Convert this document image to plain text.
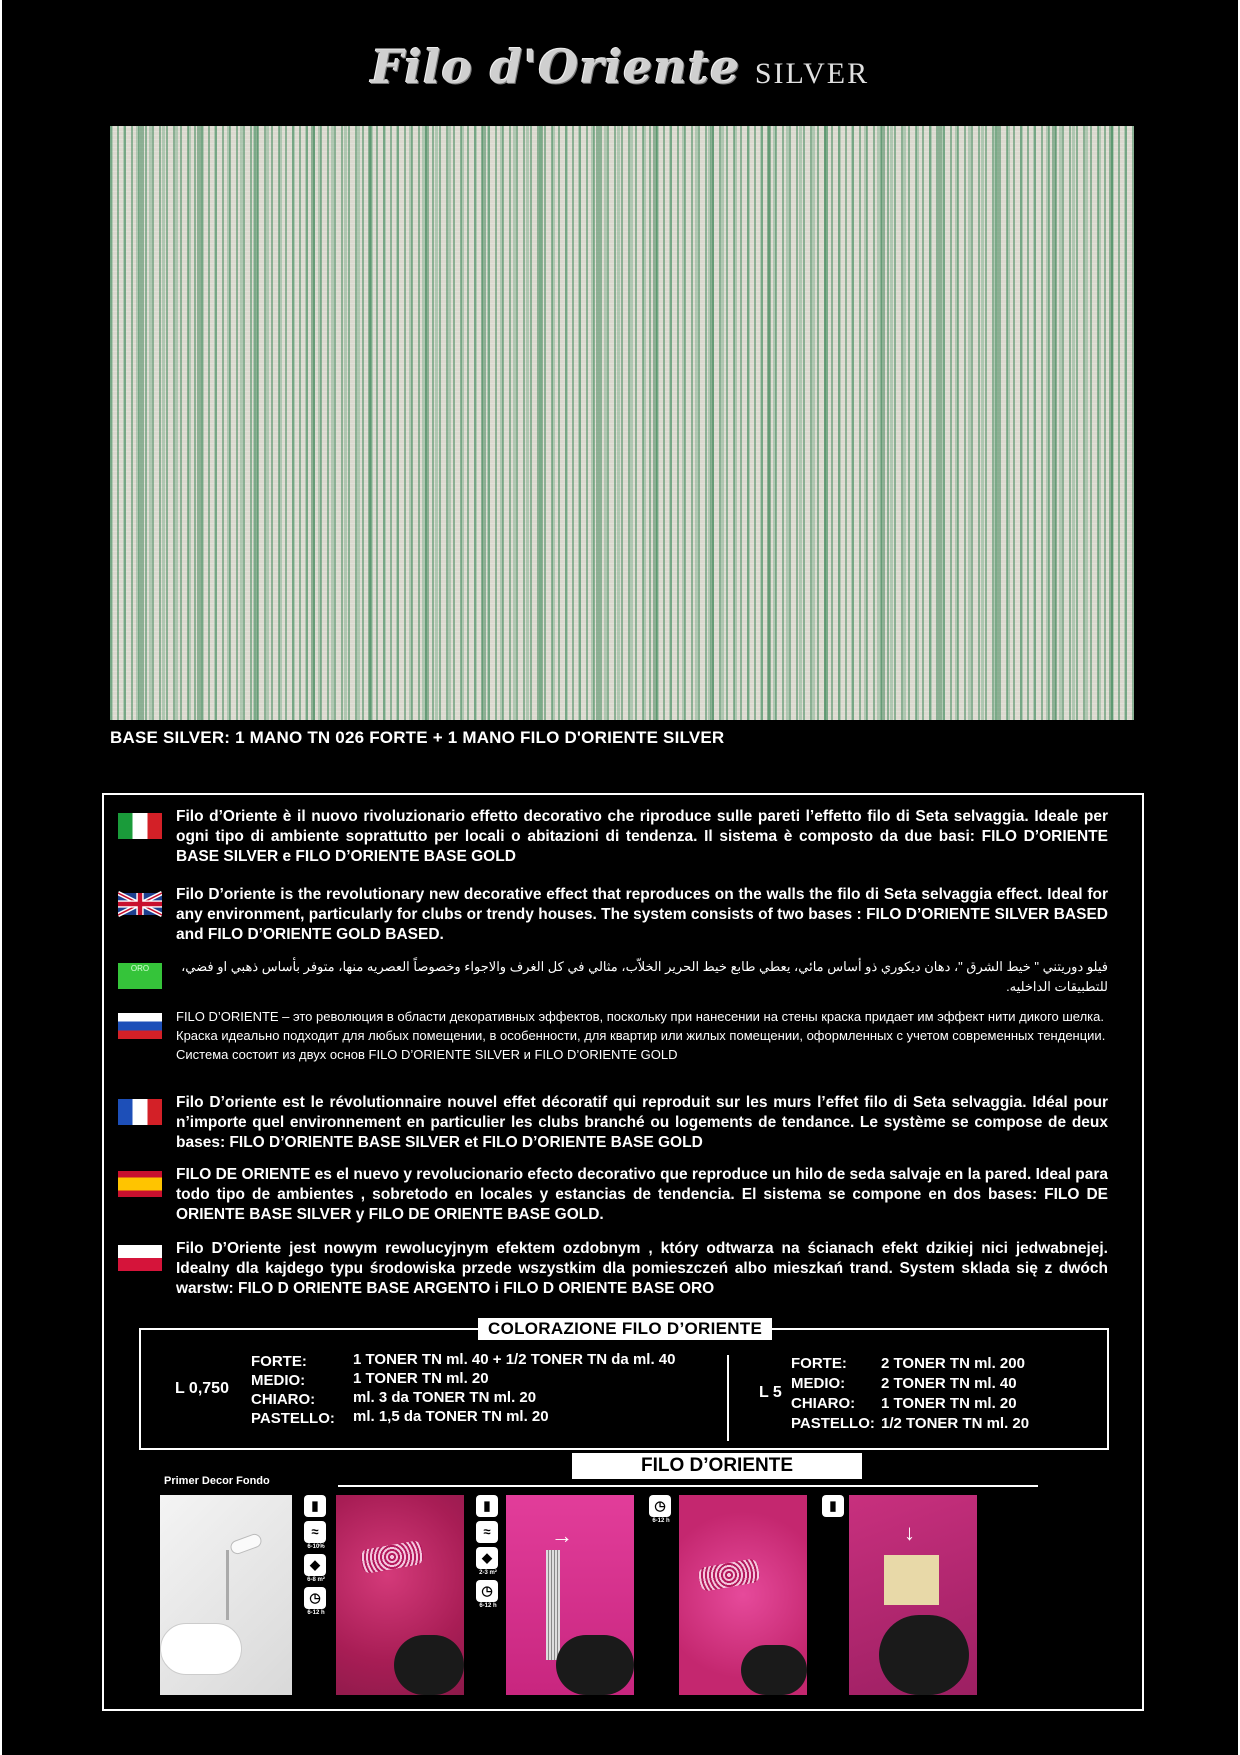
Filo d'Oriente SILVER
BASE SILVER: 1 MANO TN 026 FORTE + 1 MANO FILO D'ORIENTE SILVER
Filo d’Oriente è il nuovo rivoluzionario effetto decorativo che riproduce sulle pareti l’effetto filo di Seta selvaggia. Ideale per ogni tipo di ambiente soprattutto per locali o abitazioni di tendenza. Il sistema è composto da due basi: FILO D’ORIENTE BASE SILVER e FILO D’ORIENTE BASE GOLD
Filo D’oriente is the revolutionary new decorative effect that reproduces on the walls the filo di Seta selvaggia effect. Ideal for any environment, particularly for clubs or trendy houses. The system consists of two bases : FILO D’ORIENTE SILVER BASED and FILO D’ORIENTE GOLD BASED.
ORO	فيلو دوريتني " خيط الشرق "، دهان ديكوري ذو أساس مائي، يعطي طابع خيط الحرير الخلاّب، مثالي في كل الغرف والاجواء وخصوصاً العصريه منها، متوفر بأساس ذهبي او فضي، للتطبيقات الداخليه.
FILO D’ORIENTE – это революция в области декоративных эффектов, поскольку при нанесении на стены краска придает им эффект нити дикого шелка. Краска идеально подходит для любых помещении, в особенности, для квартир или жилых помещении, оформленных с учетом современных тенденции. Система состоит из двух основ FILO D’ORIENTE SILVER и FILO D’ORIENTE GOLD
Filo D’oriente est le révolutionnaire nouvel effet décoratif qui reproduit sur les murs l’effet filo di Seta selvaggia. Idéal pour n’importe quel environnement en particulier les clubs branché ou logements de tendance. Le système se compose de deux bases: FILO D’ORIENTE BASE SILVER et FILO D’ORIENTE BASE GOLD
FILO DE ORIENTE es el nuevo y revolucionario efecto decorativo que reproduce un hilo de seda salvaje en la pared. Ideal para todo tipo de ambientes , sobretodo en locales y estancias de tendencia. El sistema se compone en dos bases: FILO DE ORIENTE BASE SILVER y FILO DE ORIENTE BASE GOLD.
Filo D’Oriente jest nowym rewolucyjnym efektem ozdobnym , który odtwarza na ścianach efekt dzikiej nici jedwabnejej. Idealny dla kajdego typu środowiska przede wszystkim dla pomieszczeń albo mieszkań trand. System sklada się z dwóch warstw: FILO D ORIENTE BASE ARGENTO i FILO D ORIENTE BASE ORO
COLORAZIONE FILO D’ORIENTE
L 0,750
FORTE:
MEDIO:
CHIARO:
PASTELLO:
1 TONER TN ml. 40 + 1/2 TONER TN da ml. 40
1 TONER TN ml. 20
ml. 3 da TONER TN ml. 20
ml. 1,5 da TONER TN ml. 20
L 5
FORTE:
MEDIO:
CHIARO:
PASTELLO:
2 TONER TN ml. 200
2 TONER TN ml. 40
1 TONER TN ml. 20
1/2 TONER TN ml. 20
FILO D’ORIENTE
Primer Decor Fondo
▮
≈
6-10%
◆
6-8 m²
◷
6-12 h
▮
≈
◆
2-3 m²
◷
6-12 h
→
◷
6-12 h
▮
↓
